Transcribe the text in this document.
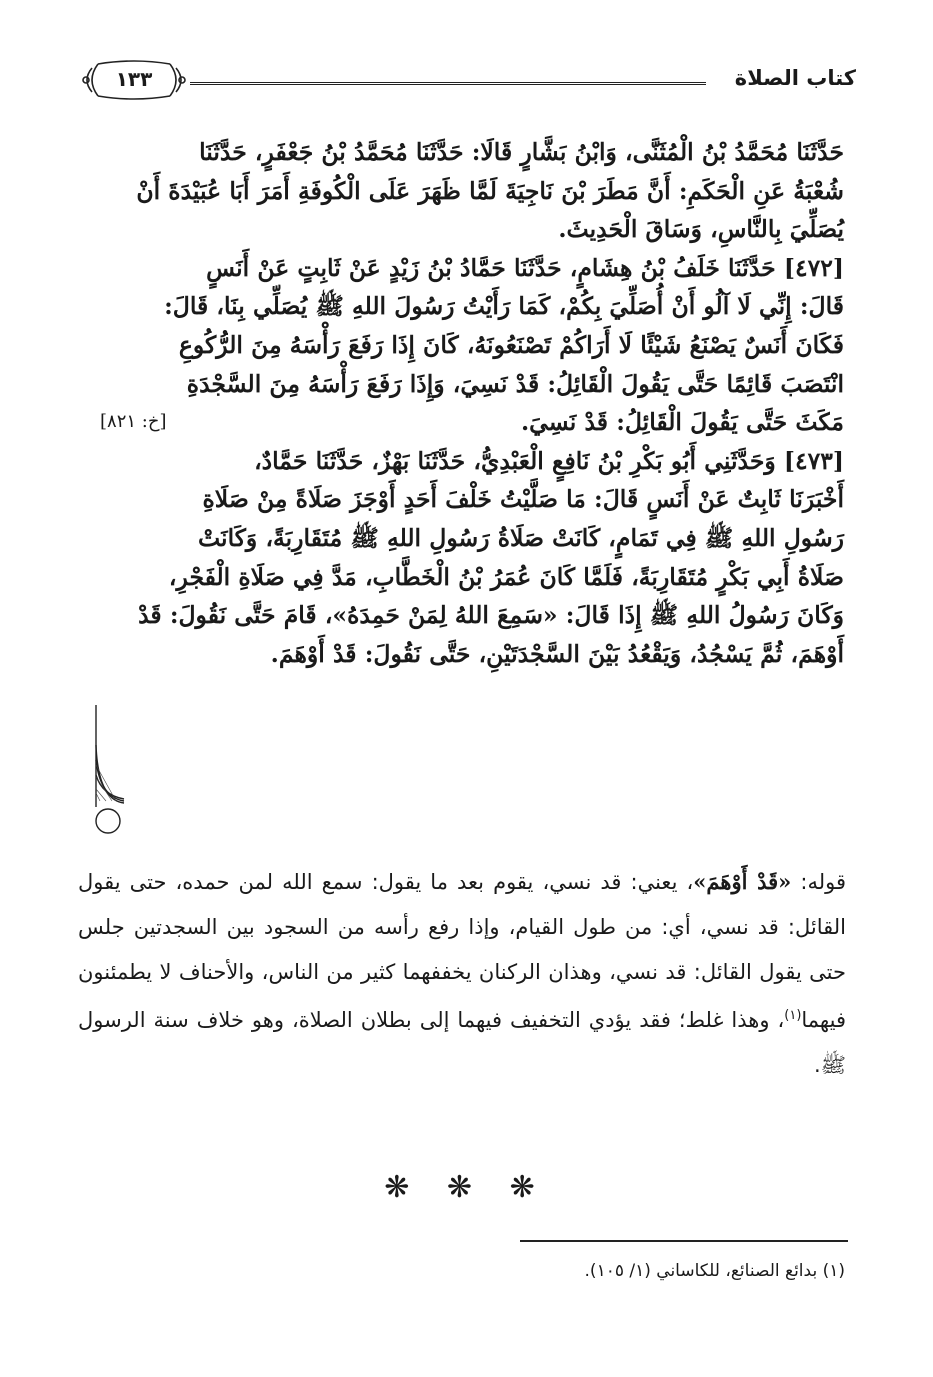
كتاب الصلاة
١٣٣

حَدَّثَنَا مُحَمَّدُ بْنُ الْمُثَنَّى، وَابْنُ بَشَّارٍ قَالَا: حَدَّثَنَا مُحَمَّدُ بْنُ جَعْفَرٍ، حَدَّثَنَا

شُعْبَةُ عَنِ الْحَكَمِ: أَنَّ مَطَرَ بْنَ نَاجِيَةَ لَمَّا ظَهَرَ عَلَى الْكُوفَةِ أَمَرَ أَبَا عُبَيْدَةَ أَنْ

يُصَلِّيَ بِالنَّاسِ، وَسَاقَ الْحَدِيثَ.

[٤٧٢] حَدَّثَنَا خَلَفُ بْنُ هِشَامٍ، حَدَّثَنَا حَمَّادُ بْنُ زَيْدٍ عَنْ ثَابِتٍ عَنْ أَنَسٍ

قَالَ: إِنِّي لَا آلُو أَنْ أُصَلِّيَ بِكُمْ، كَمَا رَأَيْتُ رَسُولَ اللهِ ﷺ يُصَلِّي بِنَا، قَالَ:

فَكَانَ أَنَسٌ يَصْنَعُ شَيْئًا لَا أَرَاكُمْ تَصْنَعُونَهُ، كَانَ إِذَا رَفَعَ رَأْسَهُ مِنَ الرُّكُوعِ

انْتَصَبَ قَائِمًا حَتَّى يَقُولَ الْقَائِلُ: قَدْ نَسِيَ، وَإِذَا رَفَعَ رَأْسَهُ مِنَ السَّجْدَةِ

مَكَثَ حَتَّى يَقُولَ الْقَائِلُ: قَدْ نَسِيَ.
[خ: ٨٢١]

[٤٧٣] وَحَدَّثَنِي أَبُو بَكْرِ بْنُ نَافِعٍ الْعَبْدِيُّ، حَدَّثَنَا بَهْزٌ، حَدَّثَنَا حَمَّادٌ،

أَخْبَرَنَا ثَابِتٌ عَنْ أَنَسٍ قَالَ: مَا صَلَّيْتُ خَلْفَ أَحَدٍ أَوْجَزَ صَلَاةً مِنْ صَلَاةِ

رَسُولِ اللهِ ﷺ فِي تَمَامٍ، كَانَتْ صَلَاةُ رَسُولِ اللهِ ﷺ مُتَقَارِبَةً، وَكَانَتْ

صَلَاةُ أَبِي بَكْرٍ مُتَقَارِبَةً، فَلَمَّا كَانَ عُمَرُ بْنُ الْخَطَّابِ، مَدَّ فِي صَلَاةِ الْفَجْرِ،

وَكَانَ رَسُولُ اللهِ ﷺ إِذَا قَالَ: «سَمِعَ اللهُ لِمَنْ حَمِدَهُ»، قَامَ حَتَّى نَقُولَ: قَدْ

أَوْهَمَ، ثُمَّ يَسْجُدُ، وَيَقْعُدُ بَيْنَ السَّجْدَتَيْنِ، حَتَّى نَقُولَ: قَدْ أَوْهَمَ.

قوله: «قَدْ أَوْهَمَ»، يعني: قد نسي، يقوم بعد ما يقول: سمع الله لمن حمده، حتى يقول القائل: قد نسي، أي: من طول القيام، وإذا رفع رأسه من السجود بين السجدتين جلس حتى يقول القائل: قد نسي، وهذان الركنان يخففهما كثير من الناس، والأحناف لا يطمئنون فيهما$^{(١)}$، وهذا غلط؛ فقد يؤدي التخفيف فيهما إلى بطلان الصلاة، وهو خلاف سنة الرسول ﷺ.

❋ ❋ ❋
(١) بدائع الصنائع، للكاساني (١/ ١٠٥).
